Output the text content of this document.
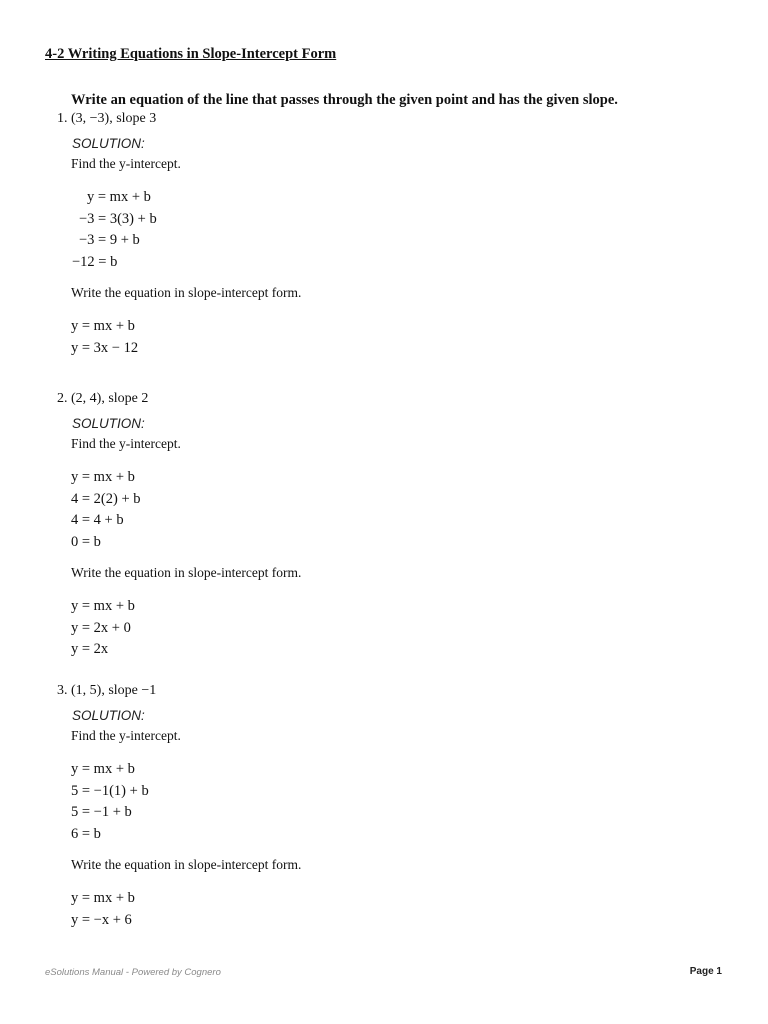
4-2 Writing Equations in Slope-Intercept Form
Write an equation of the line that passes through the given point and has the given slope.
1. (3, −3), slope 3
SOLUTION:
Find the y-intercept.
y = mx + b
−3 = 3(3) + b
−3 = 9 + b
−12 = b
Write the equation in slope-intercept form.
y = mx + b
y = 3x − 12
2. (2, 4), slope 2
SOLUTION:
Find the y-intercept.
y = mx + b
4 = 2(2) + b
4 = 4 + b
0 = b
Write the equation in slope-intercept form.
y = mx + b
y = 2x + 0
y = 2x
3. (1, 5), slope −1
SOLUTION:
Find the y-intercept.
y = mx + b
5 = −1(1) + b
5 = −1 + b
6 = b
Write the equation in slope-intercept form.
y = mx + b
y = −x + 6
eSolutions Manual - Powered by Cognero	Page 1
